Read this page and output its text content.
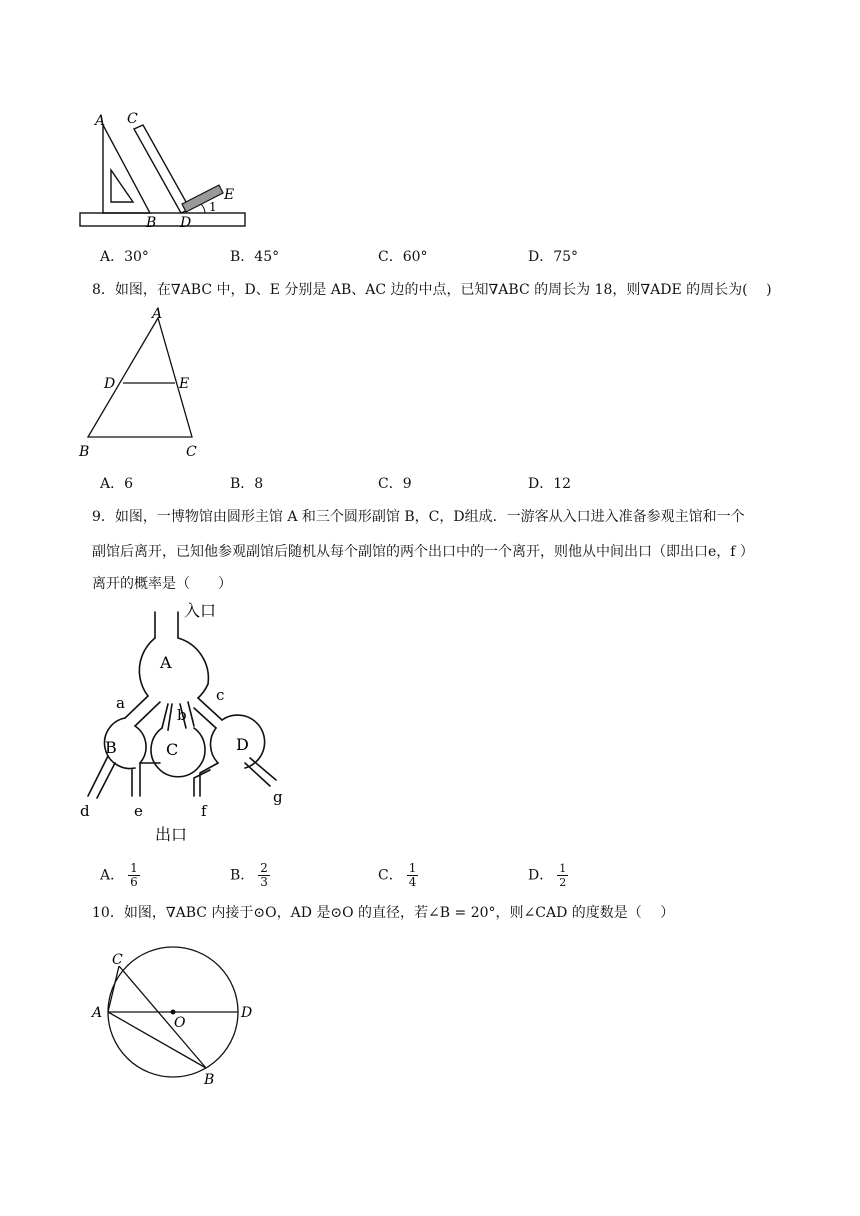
A C
E
1
B D
A．30°	B．45°	C．60°	D．75°
8．如图，在∇ABC 中，D、E 分别是 AB、AC 边的中点，已知∇ABC 的周长为 18，则∇ADE 的周长为(　 )
A
D	E
B	C
A．6	B．8	C．9	D．12
9．如图，一博物馆由圆形主馆 A 和三个圆形副馆 B，C，D组成．一游客从入口进入准备参观主馆和一个
副馆后离开，已知他参观副馆后随机从每个副馆的两个出口中的一个离开，则他从中间出口（即出口e，f ）
离开的概率是（　　）
入口
A
a
b
c
B	C	D
d	e	f
g
出口
A． $\frac{1}{6}$	B． $\frac{2}{3}$	C． $\frac{1}{4}$	D． $\frac{1}{2}$
10．如图，∇ABC 内接于⊙O，AD 是⊙O 的直径，若∠B = 20°，则∠CAD 的度数是（　 ）
C
A
O
D
B
